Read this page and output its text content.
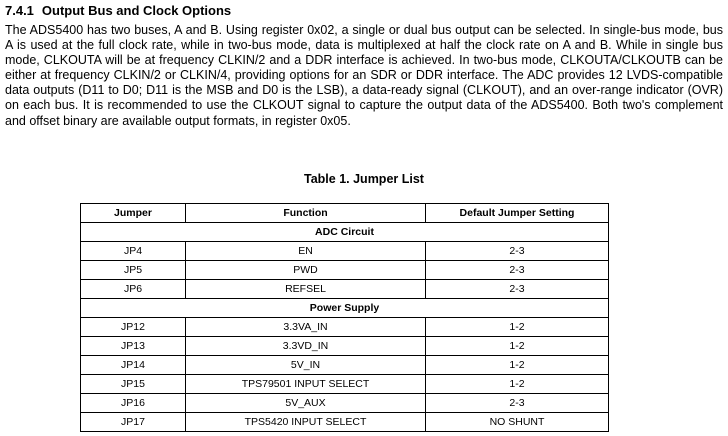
7.4.1 Output Bus and Clock Options

The ADS5400 has two buses, A and B. Using register 0x02, a single or dual bus output can be selected. In single-bus mode, bus A is used at the full clock rate, while in two-bus mode, data is multiplexed at half the clock rate on A and B. While in single bus mode, CLKOUTA will be at frequency CLKIN/2 and a DDR interface is achieved. In two-bus mode, CLKOUTA/CLKOUTB can be either at frequency CLKIN/2 or CLKIN/4, providing options for an SDR or DDR interface. The ADC provides 12 LVDS-compatible data outputs (D11 to D0; D11 is the MSB and D0 is the LSB), a data-ready signal (CLKOUT), and an over-range indicator (OVR) on each bus. It is recommended to use the CLKOUT signal to capture the output data of the ADS5400. Both two's complement and offset binary are available output formats, in register 0x05.

Table 1. Jumper List
Jumper	Function	Default Jumper Setting
ADC Circuit		
JP4	EN	2-3
JP5	PWD	2-3
JP6	REFSEL	2-3
Power Supply		
JP12	3.3VA_IN	1-2
JP13	3.3VD_IN	1-2
JP14	5V_IN	1-2
JP15	TPS79501 INPUT SELECT	1-2
JP16	5V_AUX	2-3
JP17	TPS5420 INPUT SELECT	NO SHUNT
